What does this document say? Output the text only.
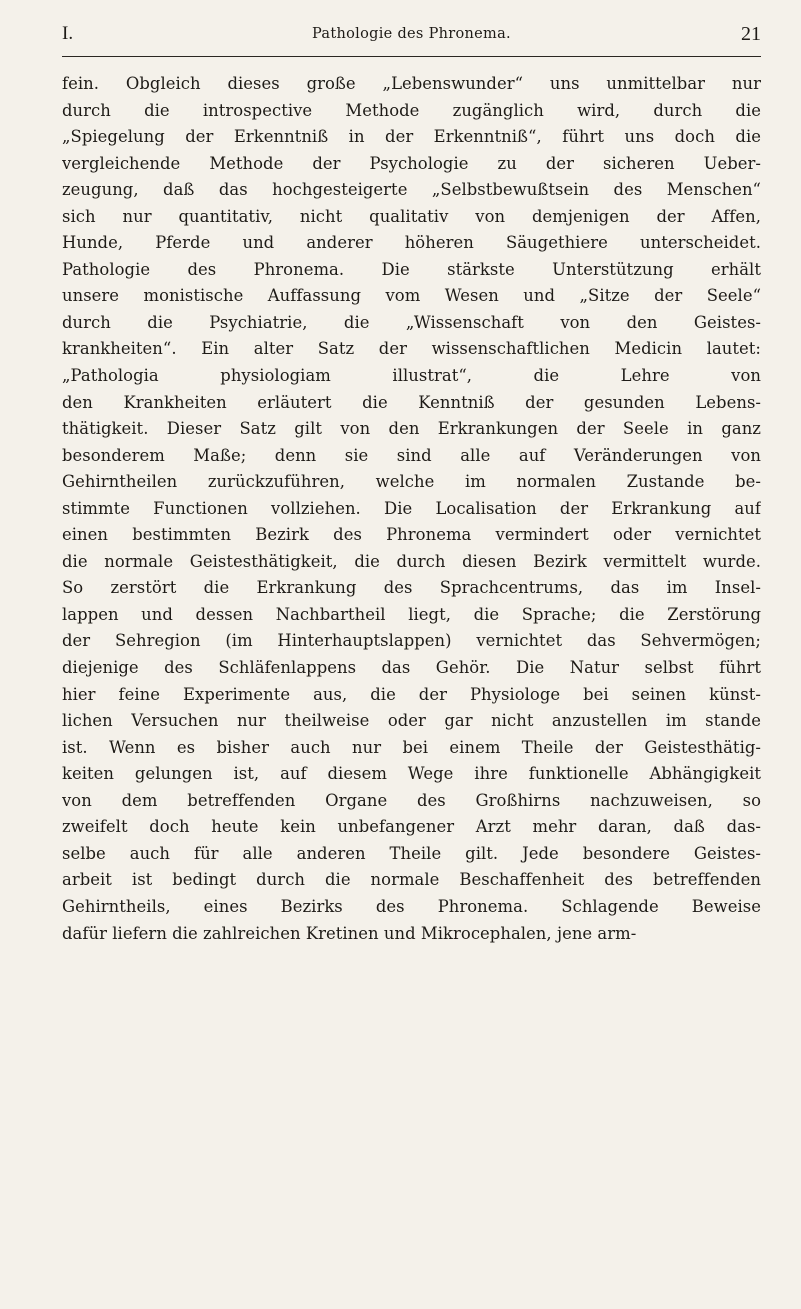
I.	Pathologie des Phronema.	21
fein. Obgleich dieses große „Lebenswunder“ uns unmittelbar nur
durch die introspective Methode zugänglich wird, durch die
„Spiegelung der Erkenntniß in der Erkenntniß“, führt uns doch die
vergleichende Methode der Psychologie zu der sicheren Ueber-
zeugung, daß das hochgesteigerte „Selbstbewußtsein des Menschen“
sich nur quantitativ, nicht qualitativ von demjenigen der Affen,
Hunde, Pferde und anderer höheren Säugethiere unterscheidet.
Pathologie des Phronema. Die stärkste Unterstützung erhält
unsere monistische Auffassung vom Wesen und „Sitze der Seele“
durch die Psychiatrie, die „Wissenschaft von den Geistes-
krankheiten“. Ein alter Satz der wissenschaftlichen Medicin lautet:
„Pathologia physiologiam illustrat“, die Lehre von
den Krankheiten erläutert die Kenntniß der gesunden Lebens-
thätigkeit. Dieser Satz gilt von den Erkrankungen der Seele in ganz
besonderem Maße; denn sie sind alle auf Veränderungen von
Gehirntheilen zurückzuführen, welche im normalen Zustande be-
stimmte Functionen vollziehen. Die Localisation der Erkrankung auf
einen bestimmten Bezirk des Phronema vermindert oder vernichtet
die normale Geistesthätigkeit, die durch diesen Bezirk vermittelt wurde.
So zerstört die Erkrankung des Sprachcentrums, das im Insel-
lappen und dessen Nachbartheil liegt, die Sprache; die Zerstörung
der Sehregion (im Hinterhauptslappen) vernichtet das Sehvermögen;
diejenige des Schläfenlappens das Gehör. Die Natur selbst führt
hier feine Experimente aus, die der Physiologe bei seinen künst-
lichen Versuchen nur theilweise oder gar nicht anzustellen im stande
ist. Wenn es bisher auch nur bei einem Theile der Geistesthätig-
keiten gelungen ist, auf diesem Wege ihre funktionelle Abhängigkeit
von dem betreffenden Organe des Großhirns nachzuweisen, so
zweifelt doch heute kein unbefangener Arzt mehr daran, daß das-
selbe auch für alle anderen Theile gilt. Jede besondere Geistes-
arbeit ist bedingt durch die normale Beschaffenheit des betreffenden
Gehirntheils, eines Bezirks des Phronema. Schlagende Beweise
dafür liefern die zahlreichen Kretinen und Mikrocephalen, jene arm-
